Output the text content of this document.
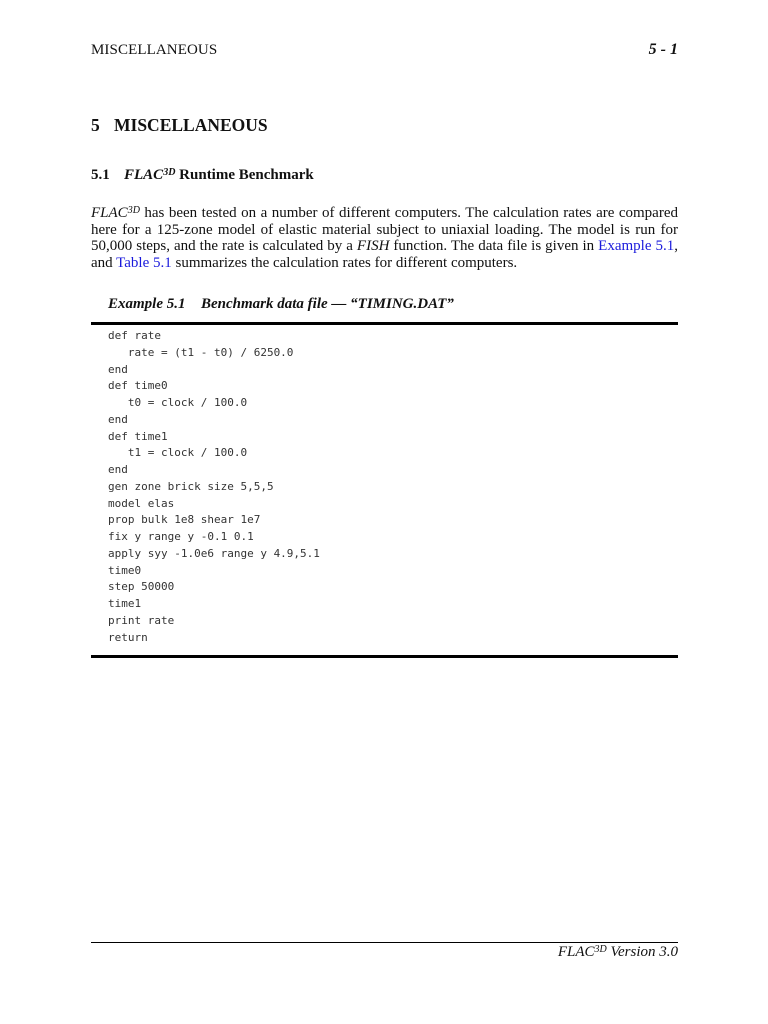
MISCELLANEOUS	5 - 1
5 MISCELLANEOUS
5.1 $FLAC^{3D}$ Runtime Benchmark
$FLAC^{3D}$ has been tested on a number of different computers. The calculation rates are compared
here for a 125-zone model of elastic material subject to uniaxial loading. The model is run for
50,000 steps, and the rate is calculated by a FISH function. The data file is given in Example 5.1,
and Table 5.1 summarizes the calculation rates for different computers.
Example 5.1 Benchmark data file — “TIMING.DAT”
def rate
rate = (t1 - t0) / 6250.0
end
def time0
t0 = clock / 100.0
end
def time1
t1 = clock / 100.0
end
gen zone brick size 5,5,5
model elas
prop bulk 1e8 shear 1e7
fix y range y -0.1 0.1
apply syy -1.0e6 range y 4.9,5.1
time0
step 50000
time1
print rate
return
$FLAC^{3D}$ Version 3.0
